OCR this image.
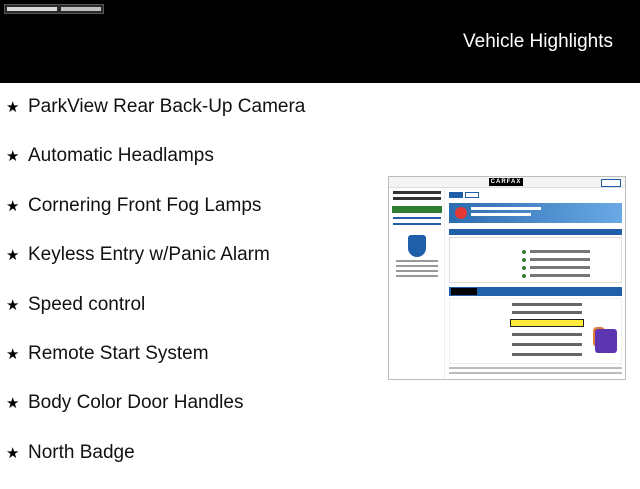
Vehicle Highlights
★ ParkView Rear Back-Up Camera
★ Automatic Headlamps
★ Cornering Front Fog Lamps
★ Keyless Entry w/Panic Alarm
★ Speed control
★ Remote Start System
★ Body Color Door Handles
★ North Badge
CARFAX
